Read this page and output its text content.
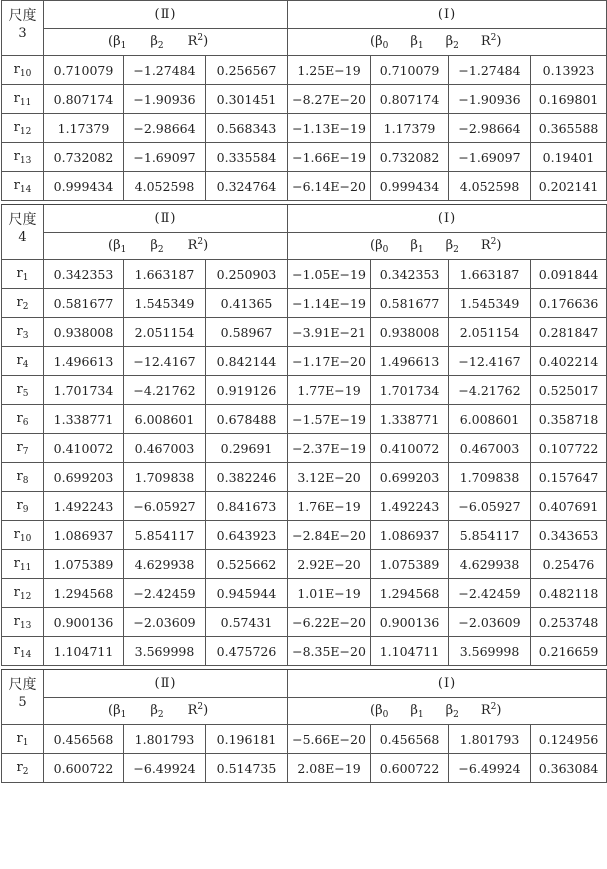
尺度
3	(Ⅱ)			(Ⅰ)			
	($\beta_1$ $\beta_2$ $R^2$)			($\beta_0$ $\beta_1$ $\beta_2$ $R^2$)			
$r_{10}$	0.710079	−1.27484	0.256567	1.25E−19	0.710079	−1.27484	0.13923
$r_{11}$	0.807174	−1.90936	0.301451	−8.27E−20	0.807174	−1.90936	0.169801
$r_{12}$	1.17379	−2.98664	0.568343	−1.13E−19	1.17379	−2.98664	0.365588
$r_{13}$	0.732082	−1.69097	0.335584	−1.66E−19	0.732082	−1.69097	0.19401
$r_{14}$	0.999434	4.052598	0.324764	−6.14E−20	0.999434	4.052598	0.202141

尺度
4	(Ⅱ)			(Ⅰ)			
	($\beta_1$ $\beta_2$ $R^2$)			($\beta_0$ $\beta_1$ $\beta_2$ $R^2$)			
$r_1$	0.342353	1.663187	0.250903	−1.05E−19	0.342353	1.663187	0.091844
$r_2$	0.581677	1.545349	0.41365	−1.14E−19	0.581677	1.545349	0.176636
$r_3$	0.938008	2.051154	0.58967	−3.91E−21	0.938008	2.051154	0.281847
$r_4$	1.496613	−12.4167	0.842144	−1.17E−20	1.496613	−12.4167	0.402214
$r_5$	1.701734	−4.21762	0.919126	1.77E−19	1.701734	−4.21762	0.525017
$r_6$	1.338771	6.008601	0.678488	−1.57E−19	1.338771	6.008601	0.358718
$r_7$	0.410072	0.467003	0.29691	−2.37E−19	0.410072	0.467003	0.107722
$r_8$	0.699203	1.709838	0.382246	3.12E−20	0.699203	1.709838	0.157647
$r_9$	1.492243	−6.05927	0.841673	1.76E−19	1.492243	−6.05927	0.407691
$r_{10}$	1.086937	5.854117	0.643923	−2.84E−20	1.086937	5.854117	0.343653
$r_{11}$	1.075389	4.629938	0.525662	2.92E−20	1.075389	4.629938	0.25476
$r_{12}$	1.294568	−2.42459	0.945944	1.01E−19	1.294568	−2.42459	0.482118
$r_{13}$	0.900136	−2.03609	0.57431	−6.22E−20	0.900136	−2.03609	0.253748
$r_{14}$	1.104711	3.569998	0.475726	−8.35E−20	1.104711	3.569998	0.216659

尺度
5	(Ⅱ)			(Ⅰ)			
	($\beta_1$ $\beta_2$ $R^2$)			($\beta_0$ $\beta_1$ $\beta_2$ $R^2$)			
$r_1$	0.456568	1.801793	0.196181	−5.66E−20	0.456568	1.801793	0.124956
$r_2$	0.600722	−6.49924	0.514735	2.08E−19	0.600722	−6.49924	0.363084
